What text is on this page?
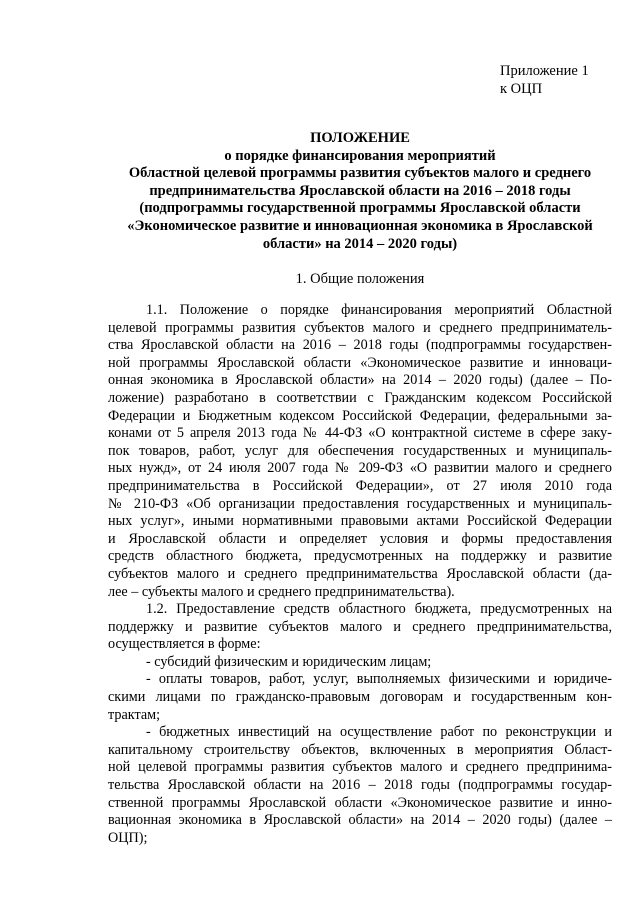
Приложение 1
к ОЦП
ПОЛОЖЕНИЕ
о порядке финансирования мероприятий
Областной целевой программы развития субъектов малого и среднего
предпринимательства Ярославской области на 2016 – 2018 годы
(подпрограммы государственной программы Ярославской области
«Экономическое развитие и инновационная экономика в Ярославской
области» на 2014 – 2020 годы)
1. Общие положения
1.1. Положение о порядке финансирования мероприятий Областной
целевой программы развития субъектов малого и среднего предприниматель-
ства Ярославской области на 2016 – 2018 годы (подпрограммы государствен-
ной программы Ярославской области «Экономическое развитие и инновaци-
онная экономика в Ярославской области» на 2014 – 2020 годы) (далее – По-
ложение) разработано в соответствии с Гражданским кодексом Российской
Федерации и Бюджетным кодексом Российской Федерации, федеральными за-
конами от 5 апреля 2013 года № 44-ФЗ «О контрактной системе в сфере заку-
пок товаров, работ, услуг для обеспечения государственных и муниципаль-
ных нужд», от 24 июля 2007 года № 209-ФЗ «О развитии малого и среднего
предпринимательства в Российской Федерации», от 27 июля 2010 года
№ 210-ФЗ «Об организации предоставления государственных и муниципаль-
ных услуг», иными нормативными правовыми актами Российской Федерации
и Ярославской области и определяет условия и формы предоставления
средств областного бюджета, предусмотренных на поддержку и развитие
субъектов малого и среднего предпринимательства Ярославской области (да-
лее – субъекты малого и среднего предпринимательства).
1.2. Предоставление средств областного бюджета, предусмотренных на
поддержку и развитие субъектов малого и среднего предпринимательства,
осуществляется в форме:
- субсидий физическим и юридическим лицам;
- оплаты товаров, работ, услуг, выполняемых физическими и юридиче-
скими лицами по гражданско-правовым договорам и государственным кон-
трактам;
- бюджетных инвестиций на осуществление работ по реконструкции и
капитальному строительству объектов, включенных в мероприятия Област-
ной целевой программы развития субъектов малого и среднего предпринима-
тельства Ярославской области на 2016 – 2018 годы (подпрограммы государ-
ственной программы Ярославской области «Экономическое развитие и инно-
вационная экономика в Ярославской области» на 2014 – 2020 годы) (далее –
ОЦП);
